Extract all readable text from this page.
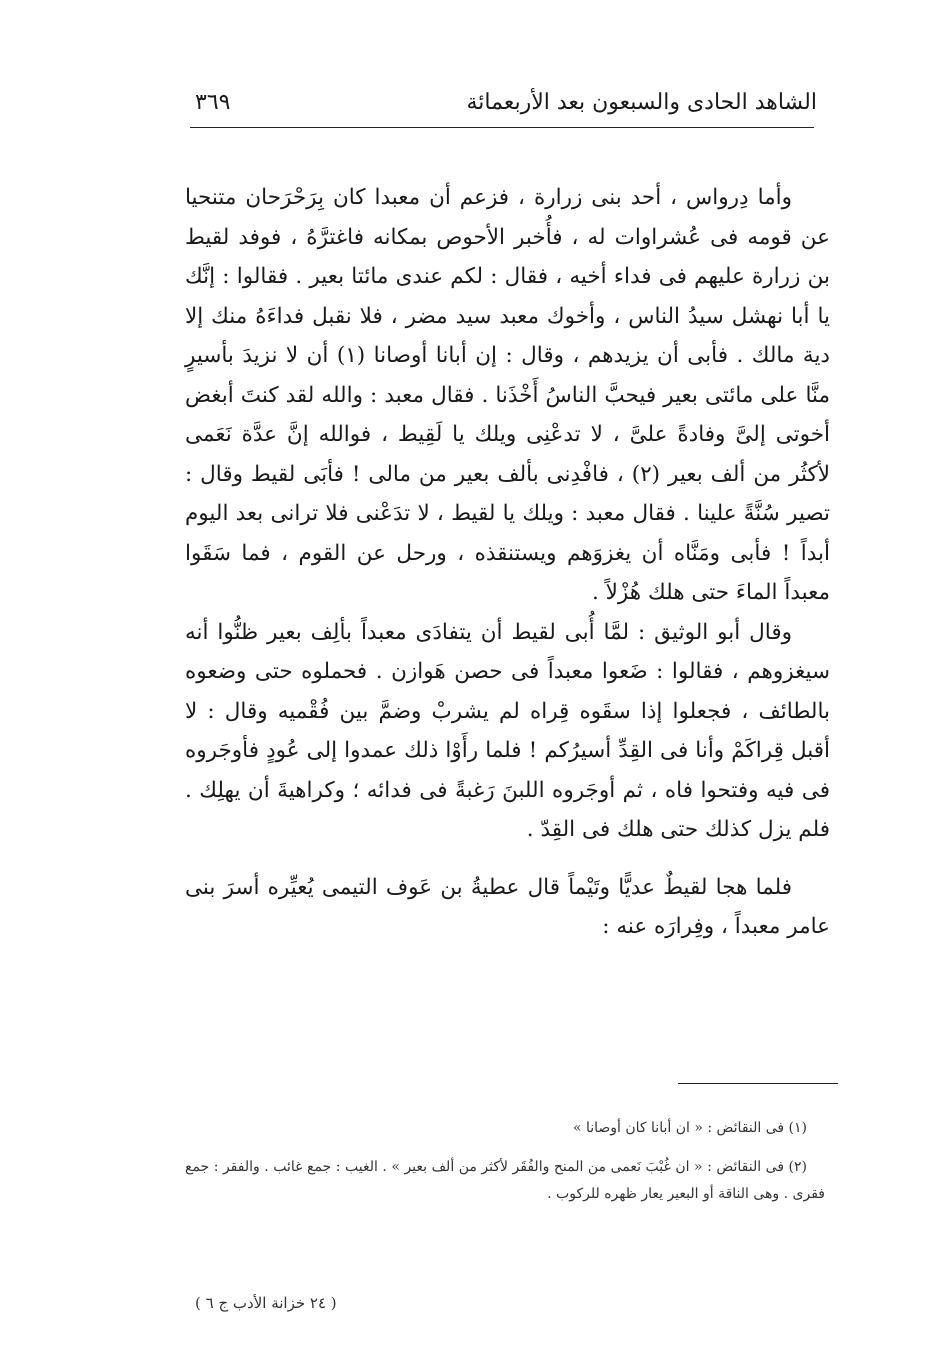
الشاهد الحادى والسبعون بعد الأربعمائة
٣٦٩

وأما دِرواس ، أحد بنى زرارة ، فزعم أن معبدا كان بِرَحْرَحان متنحيا عن قومه فى عُشراوات له ، فأُخبر الأحوص بمكانه فاغترَّهُ ، فوفد لقيط بن زرارة عليهم فى فداء أخيه ، فقال : لكم عندى مائتا بعير . فقالوا : إنَّك يا أبا نهشل سيدُ الناس ، وأخوك معبد سيد مضر ، فلا نقبل فداءَهُ منك إلا دية مالك . فأبى أن يزيدهم ، وقال : إن أبانا أوصانا (١) أن لا نزيدَ بأسيرٍ منَّا على مائتى بعير فيحبَّ الناسُ أَخْذَنا . فقال معبد : والله لقد كنتَ أبغض أخوتى إلىَّ وفادةً علىَّ ، لا تدعْنِى ويلك يا لَقِيط ، فوالله إنَّ عدَّة نَعَمى لأكثُر من ألف بعير (٢) ، فافْدِنى بألف بعير من مالى ! فأبَى لقيط وقال : تصير سُنَّةً علينا . فقال معبد : ويلك يا لقيط ، لا تدَعْنى فلا ترانى بعد اليوم أبداً ! فأبى ومَنَّاه أن يغزوَهم ويستنقذه ، ورحل عن القوم ، فما سَقَوا معبداً الماءَ حتى هلك هُزْلاً .

وقال أبو الوثيق : لمَّا أُبى لقيط أن يتفادَى معبداً بألِف بعير ظنُّوا أنه سيغزوهم ، فقالوا : ضَعوا معبداً فى حصن هَوازن . فحملوه حتى وضعوه بالطائف ، فجعلوا إذا سقَوه قِراه لم يشربْ وضمَّ بين فُقْميه وقال : لا أقبل قِراكَمْ وأنا فى القِدِّ أسيرُكم ! فلما رأَوْا ذلك عمدوا إلى عُودٍ فأوجَروه فى فيه وفتحوا فاه ، ثم أوجَروه اللبنَ رَغبةً فى فدائه ؛ وكراهيةَ أن يهلِك . فلم يزل كذلك حتى هلك فى القِدّ .

فلما هجا لقيطٌ عديًّا وتَيْماً قال عطيةُ بن عَوف التيمى يُعيِّره أسرَ بنى عامر معبداً ، وفِرارَه عنه :

(١) فى النقائض : « ان أبانا كان أوصانا »

(٢) فى النقائض : « ان غُبْبَ نَعمى من المنح والفُقَر لأكثر من ألف بعير » . الغيب : جمع غائب . والفقر : جمع فقرى . وهى الناقة أو البعير يعار ظهره للركوب .

( ٢٤ خزانة الأدب ج ٦ )
